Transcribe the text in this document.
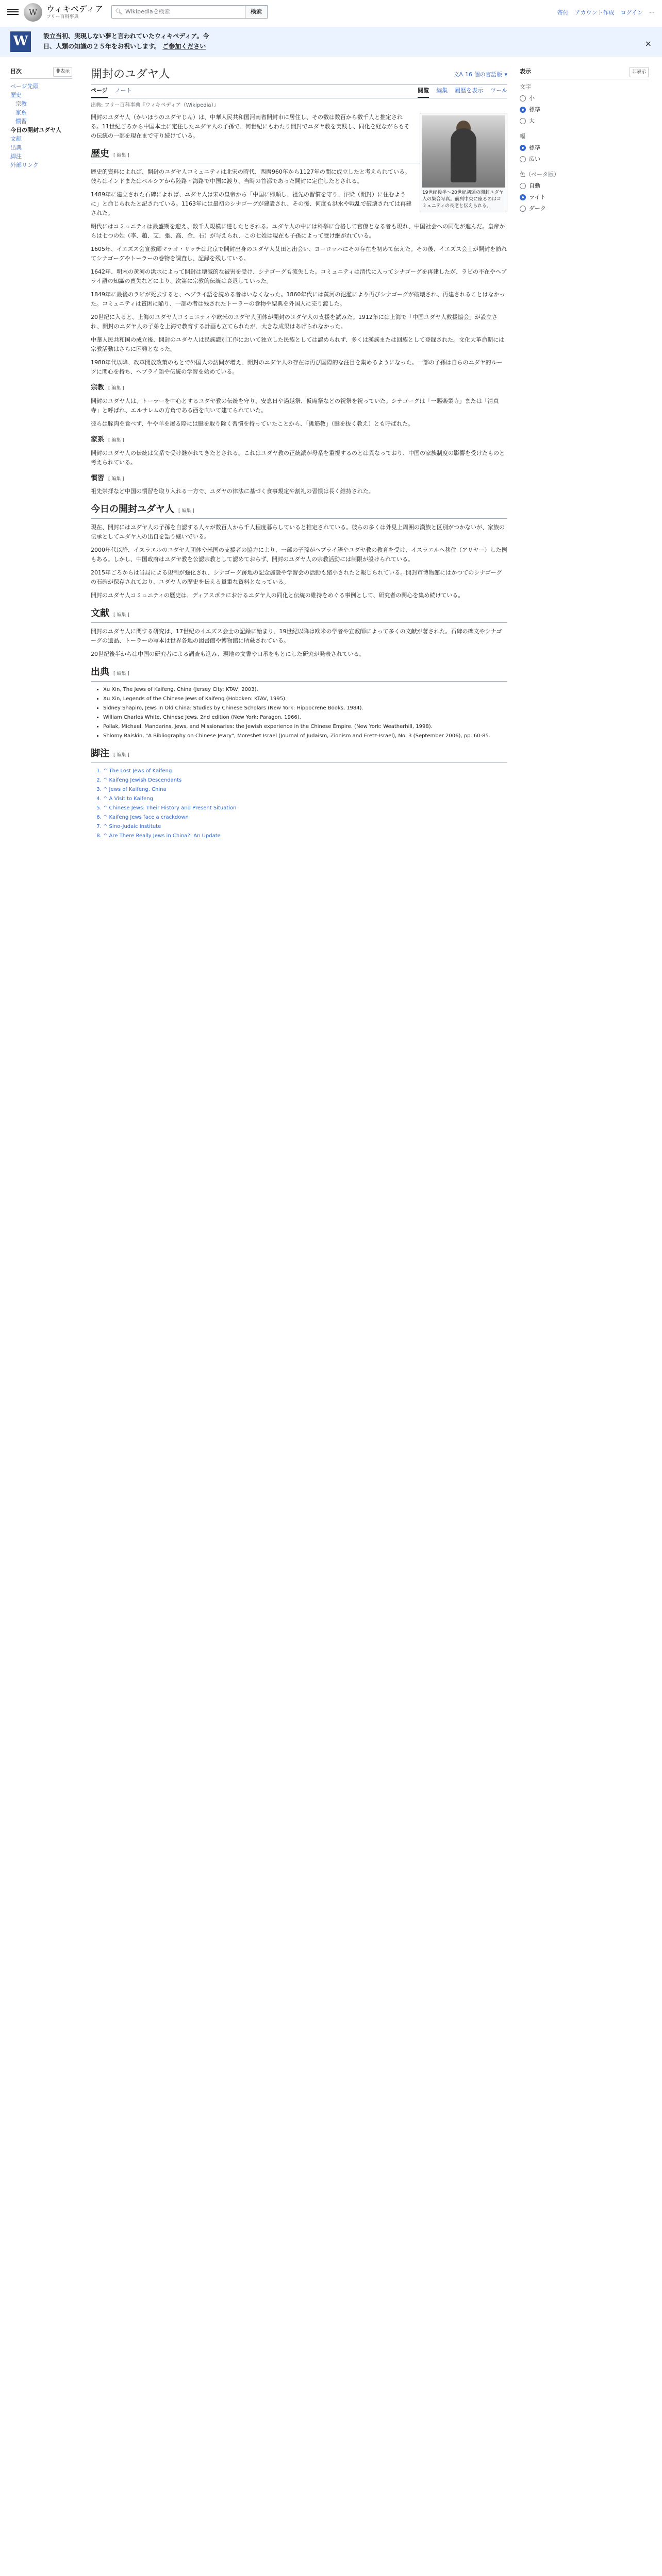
W	ウィキペディア
フリー百科事典
🔍︎ Wikipediaを検索	検索	寄付 アカウント作成 ログイン ⋯
W	設立当初、実現しない夢と言われていたウィキペディア。今日、人類の知識の２５年をお祝いします。 ご参加ください	×
目次	非表示
ページ先頭
歴史
宗教
家系
慣習
今日の開封ユダヤ人
文献
出典
脚注
外部リンク
開封のユダヤ人	文A 16 個の言語版 ▾
ページ ノート	閲覧 編集 履歴を表示 ツール
出典: フリー百科事典『ウィキペディア（Wikipedia）』
19世紀後半〜20世紀初頭の開封ユダヤ人の集合写真。前列中央に座るのはコミュニティの長老と伝えられる。

開封のユダヤ人（かいほうのユダヤじん）は、中華人民共和国河南省開封市に居住し、その数は数百から数千人と推定される。11世紀ごろから中国本土に定住したユダヤ人の子孫で、何世紀にもわたり開封でユダヤ教を実践し、同化を経ながらもその伝統の一部を現在まで守り続けている。

歴史 [ 編集 ]

歴史的資料によれば、開封のユダヤ人コミュニティは北宋の時代、西暦960年から1127年の間に成立したと考えられている。彼らはインドまたはペルシアから陸路・海路で中国に渡り、当時の首都であった開封に定住したとされる。

1489年に建立された石碑によれば、ユダヤ人は宋の皇帝から「中国に帰順し、祖先の習慣を守り、汴梁（開封）に住むように」と命じられたと記されている。1163年には最初のシナゴーグが建設され、その後、何度も洪水や戦乱で破壊されては再建された。

明代にはコミュニティは最盛期を迎え、数千人規模に達したとされる。ユダヤ人の中には科挙に合格して官僚となる者も現れ、中国社会への同化が進んだ。皇帝からは七つの姓（李、趙、艾、張、高、金、石）が与えられ、この七姓は現在も子孫によって受け継がれている。

1605年、イエズス会宣教師マテオ・リッチは北京で開封出身のユダヤ人艾田と出会い、ヨーロッパにその存在を初めて伝えた。その後、イエズス会士が開封を訪れてシナゴーグやトーラーの巻物を調査し、記録を残している。

1642年、明末の黄河の洪水によって開封は壊滅的な被害を受け、シナゴーグも流失した。コミュニティは清代に入ってシナゴーグを再建したが、ラビの不在やヘブライ語の知識の喪失などにより、次第に宗教的伝統は衰退していった。

1849年に最後のラビが死去すると、ヘブライ語を読める者はいなくなった。1860年代には黄河の氾濫により再びシナゴーグが破壊され、再建されることはなかった。コミュニティは貧困に陥り、一部の者は残されたトーラーの巻物や聖典を外国人に売り渡した。

20世紀に入ると、上海のユダヤ人コミュニティや欧米のユダヤ人団体が開封のユダヤ人の支援を試みた。1912年には上海で「中国ユダヤ人救援協会」が設立され、開封のユダヤ人の子弟を上海で教育する計画も立てられたが、大きな成果はあげられなかった。

中華人民共和国の成立後、開封のユダヤ人は民族識別工作において独立した民族としては認められず、多くは漢族または回族として登録された。文化大革命期には宗教活動はさらに困難となった。

1980年代以降、改革開放政策のもとで外国人の訪問が増え、開封のユダヤ人の存在は再び国際的な注目を集めるようになった。一部の子孫は自らのユダヤ的ルーツに関心を持ち、ヘブライ語や伝統の学習を始めている。

宗教 [ 編集 ]

開封のユダヤ人は、トーラーを中心とするユダヤ教の伝統を守り、安息日や過越祭、仮庵祭などの祝祭を祝っていた。シナゴーグは「一賜楽業寺」または「清真寺」と呼ばれ、エルサレムの方角である西を向いて建てられていた。

彼らは豚肉を食べず、牛や羊を屠る際には腱を取り除く習慣を持っていたことから、「挑筋教」（腱を抜く教え）とも呼ばれた。

家系 [ 編集 ]

開封のユダヤ人の伝統は父系で受け継がれてきたとされる。これはユダヤ教の正統派が母系を重視するのとは異なっており、中国の家族制度の影響を受けたものと考えられている。

慣習 [ 編集 ]

祖先崇拝など中国の慣習を取り入れる一方で、ユダヤの律法に基づく食事規定や割礼の習慣は長く維持された。

今日の開封ユダヤ人 [ 編集 ]

現在、開封にはユダヤ人の子孫を自認する人々が数百人から千人程度暮らしていると推定されている。彼らの多くは外見上周囲の漢族と区別がつかないが、家族の伝承としてユダヤ人の出自を語り継いでいる。

2000年代以降、イスラエルのユダヤ人団体や米国の支援者の協力により、一部の子孫がヘブライ語やユダヤ教の教育を受け、イスラエルへ移住（アリヤー）した例もある。しかし、中国政府はユダヤ教を公認宗教として認めておらず、開封のユダヤ人の宗教活動には制限が設けられている。

2015年ごろからは当局による規制が強化され、シナゴーグ跡地の記念施設や学習会の活動も縮小されたと報じられている。開封市博物館にはかつてのシナゴーグの石碑が保存されており、ユダヤ人の歴史を伝える貴重な資料となっている。

開封のユダヤ人コミュニティの歴史は、ディアスポラにおけるユダヤ人の同化と伝統の維持をめぐる事例として、研究者の関心を集め続けている。

文献 [ 編集 ]

開封のユダヤ人に関する研究は、17世紀のイエズス会士の記録に始まり、19世紀以降は欧米の学者や宣教師によって多くの文献が著された。石碑の碑文やシナゴーグの遺品、トーラーの写本は世界各地の図書館や博物館に所蔵されている。

20世紀後半からは中国の研究者による調査も進み、現地の文書や口承をもとにした研究が発表されている。

出典 [ 編集 ]
• Xu Xin, The Jews of Kaifeng, China (Jersey City: KTAV, 2003).
• Xu Xin, Legends of the Chinese Jews of Kaifeng (Hoboken: KTAV, 1995).
• Sidney Shapiro, Jews in Old China: Studies by Chinese Scholars (New York: Hippocrene Books, 1984).
• William Charles White, Chinese Jews, 2nd edition (New York: Paragon, 1966).
• Pollak, Michael. Mandarins, Jews, and Missionaries: the Jewish experience in the Chinese Empire. (New York: Weatherhill, 1998).
• Shlomy Raiskin, "A Bibliography on Chinese Jewry", Moreshet Israel (Journal of Judaism, Zionism and Eretz-Israel), No. 3 (September 2006), pp. 60-85.
脚注 [ 編集 ]
1. ^ The Lost Jews of Kaifeng
2. ^ Kaifeng Jewish Descendants
3. ^ Jews of Kaifeng, China
4. ^ A Visit to Kaifeng
5. ^ Chinese Jews: Their History and Present Situation
6. ^ Kaifeng Jews face a crackdown
7. ^ Sino-Judaic Institute
8. ^ Are There Really Jews in China?: An Update
表示	非表示
文字
小
標準
大
幅
標準
広い
色（ベータ版）
自動
ライト
ダーク
